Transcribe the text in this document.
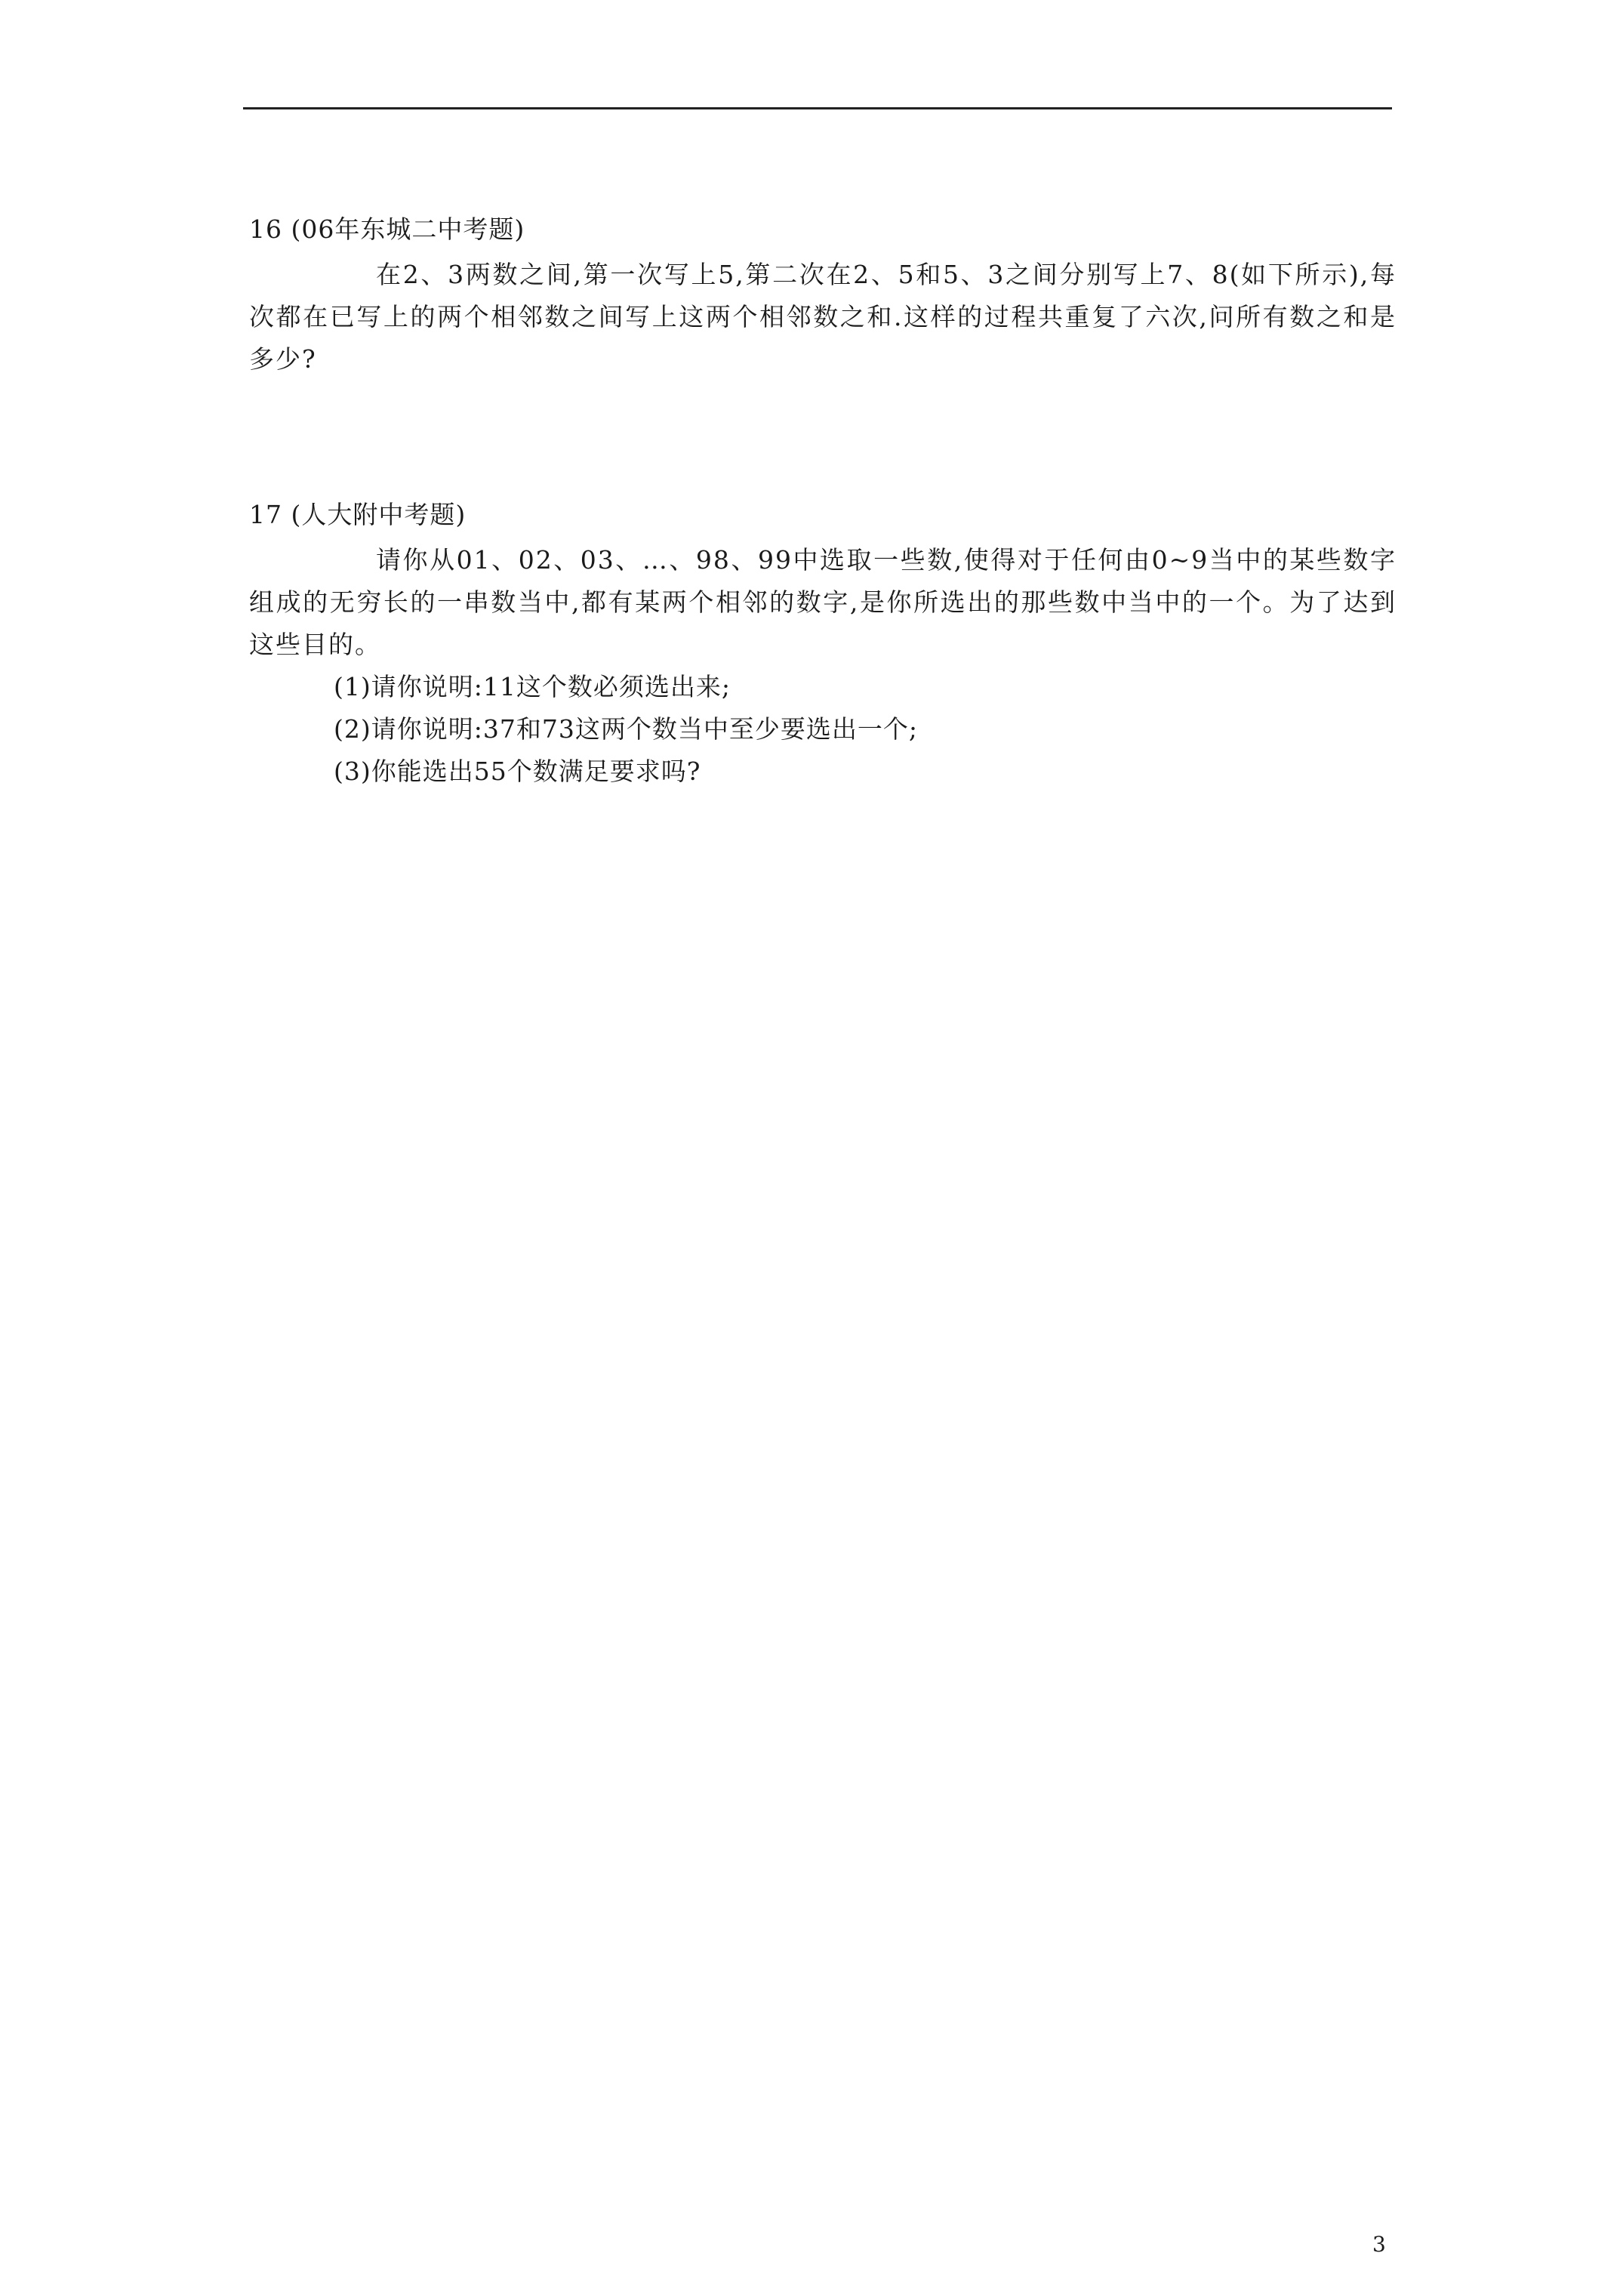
16 (06年东城二中考题)

在2、3两数之间,第一次写上5,第二次在2、5和5、3之间分别写上7、8(如下所示),每次都在已写上的两个相邻数之间写上这两个相邻数之和.这样的过程共重复了六次,问所有数之和是多少?

17 (人大附中考题)

请你从01、02、03、…、98、99中选取一些数,使得对于任何由0~9当中的某些数字组成的无穷长的一串数当中,都有某两个相邻的数字,是你所选出的那些数中当中的一个。为了达到这些目的。

(1)请你说明:11这个数必须选出来;
(2)请你说明:37和73这两个数当中至少要选出一个;
(3)你能选出55个数满足要求吗?
3
